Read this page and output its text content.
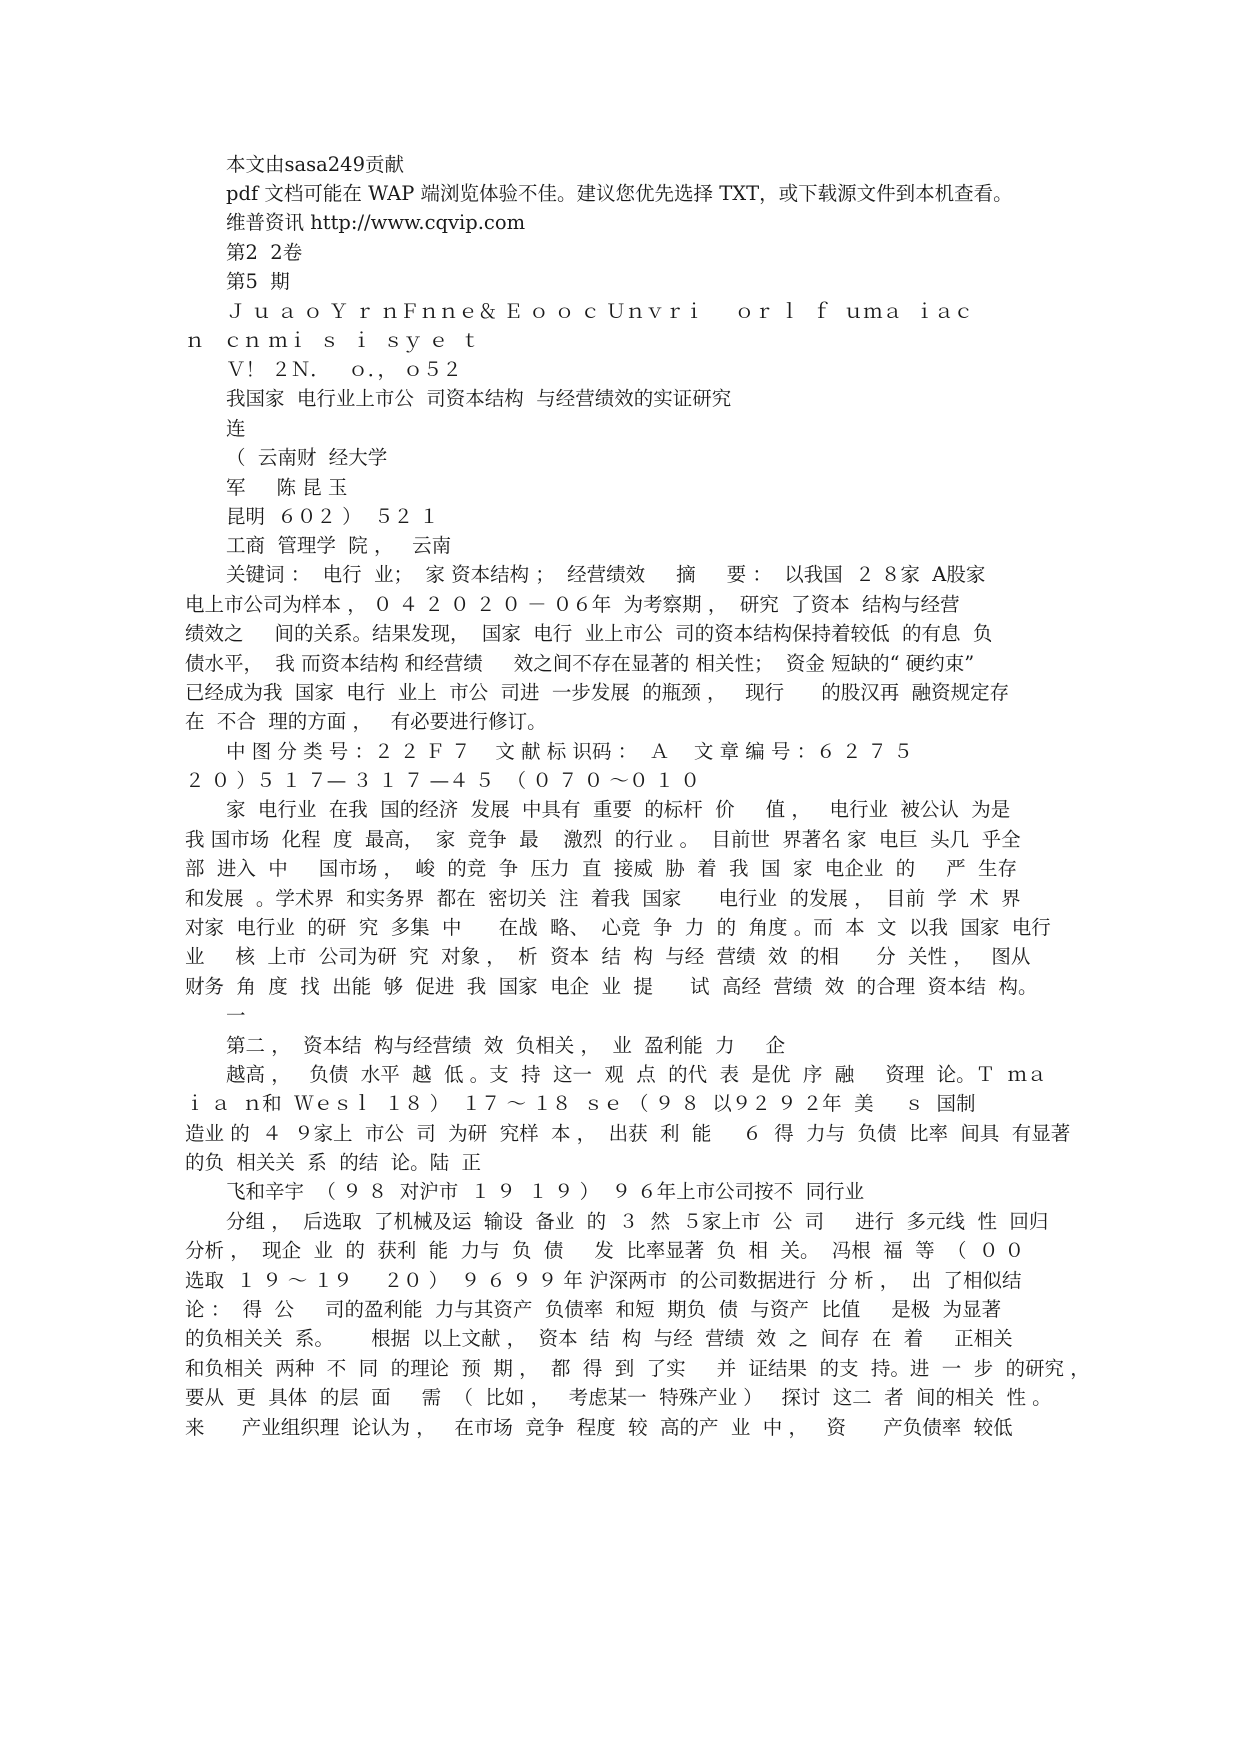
本文由sasa249贡献
pdf 文档可能在 WAP 端浏览体验不佳。建议您优先选择 TXT，或下载源文件到本机查看。
维普资讯 http://www.cqvip.com
第2  2卷
第5  期
Ｊ ｕ ａ ｏ Ｙ ｒ ｎＦｎｎｅ＆ Ｅ ｏ ｏ ｃ Ｕｎｖｒｉ     ｏｒ ｌ  ｆ  ｕｍａ  ｉａｃ
ｎ   ｃｎ ｍｉ  ｓ  ｉ  ｓｙ ｅ  ｔ
Ｖ！ ２Ｎ．   ｏ．， ｏ５２
我国家  电行业上市公  司资本结构  与经营绩效的实证研究
连
（  云南财  经大学
军     陈 昆 玉
昆明  ６０２ ）  ５２ １
工商  管理学  院 ，   云南
关键词 ：  电行  业；  家 资本结构 ；  经营绩效     摘     要 ：  以我国  ２ ８家  A股家
电上市公司为样本 ， ０ ４ ２ ０ ２ ０ － ０６年  为考察期 ，  研究  了资本  结构与经营
绩效之     间的关系。结果发现，  国家  电行  业上市公  司的资本结构保持着较低  的有息  负
债水平，  我 而资本结构 和经营绩     效之间不存在显著的 相关性；  资金 短缺的“ 硬约束”
已经成为我  国家  电行  业上  市公  司进  一步发展  的瓶颈 ，   现行      的股汉再  融资规定存
在  不合  理的方面 ，   有必要进行修订。
中 图 分 类 号 ：２ ２ Ｆ ７    文 献 标 识码 ：  Ａ    文 章 编 号 ：６ ２ ７ ５
２ ０ ）５ １ ７— ３ １ ７ —４ ５  （ ０ ７ ０ ～０ １ ０
家  电行业  在我  国的经济  发展  中具有  重要  的标杆  价     值 ，   电行业  被公认  为是
我 国市场  化程  度  最高，  家  竞争  最    激烈  的行业 。  目前世  界著名 家  电巨  头几  乎全
部  进入  中     国市场 ，  峻  的竞  争  压力  直  接威  胁  着  我  国  家  电企业  的     严  生存
和发展  。学术界  和实务界  都在  密切关  注  着我  国家      电行业  的发展 ，  目前  学  术  界
对家  电行业  的研  究  多集  中      在战  略、  心竞  争  力  的  角度 。而  本  文  以我  国家  电行
业     核  上市  公司为研  究  对象 ，  析  资本  结  构  与经  营绩  效  的相      分  关性 ，   图从
财务  角  度  找  出能  够  促进  我  国家  电企  业  提      试  高经  营绩  效  的合理  资本结  构。
一
第二 ，  资本结  构与经营绩  效  负相关 ，  业  盈利能  力     企
越高 ，   负债  水平  越  低 。支  持  这一  观  点  的代  表  是优  序  融     资理  论。Ｔ  ｍａ
ｉ ａ  ｎ和  Ｗｅｓｌ  １８ ）  １７ ～ １８  ｓｅ （ ９ ８  以９２ ９ ２年  美     ｓ  国制
造业 的  ４  ９家上  市公  司  为研  究样  本 ，  出获  利  能     ６  得  力与  负债  比率  间具  有显著
的负  相关关  系  的结  论。陆  正
飞和辛宇  （ ９ ８  对沪市  １ ９  １ ９ ）  ９ ６年上市公司按不  同行业
分组 ，  后选取  了机械及运  输设  备业  的  ３  然  ５家上市  公  司     进行  多元线  性  回归
分析 ，  现企  业  的  获利  能  力与  负  债     发  比率显著  负  相  关。  冯根  福  等  （  ０ ０
选取  １ ９ ～ １９     ２０ ）  ９ ６ ９ ９ 年 沪深两市  的公司数据进行  分 析 ，  出  了相似结
论 ：  得  公     司的盈利能  力与其资产  负债率  和短  期负  债  与资产  比值     是极  为显著
的负相关关  系。      根据  以上文献 ，  资本  结  构  与经  营绩  效  之  间存  在  着     正相关
和负相关  两种  不  同  的理论  预  期 ，  都  得  到  了实     并  证结果  的支  持。进  一  步  的研究 ，
要从  更  具体  的层  面     需  （  比如 ，   考虑某一  特殊产业 ）   探讨  这二  者  间的相关  性 。
来      产业组织理  论认为 ，   在市场  竞争  程度  较  高的产  业  中 ，   资      产负债率  较低
